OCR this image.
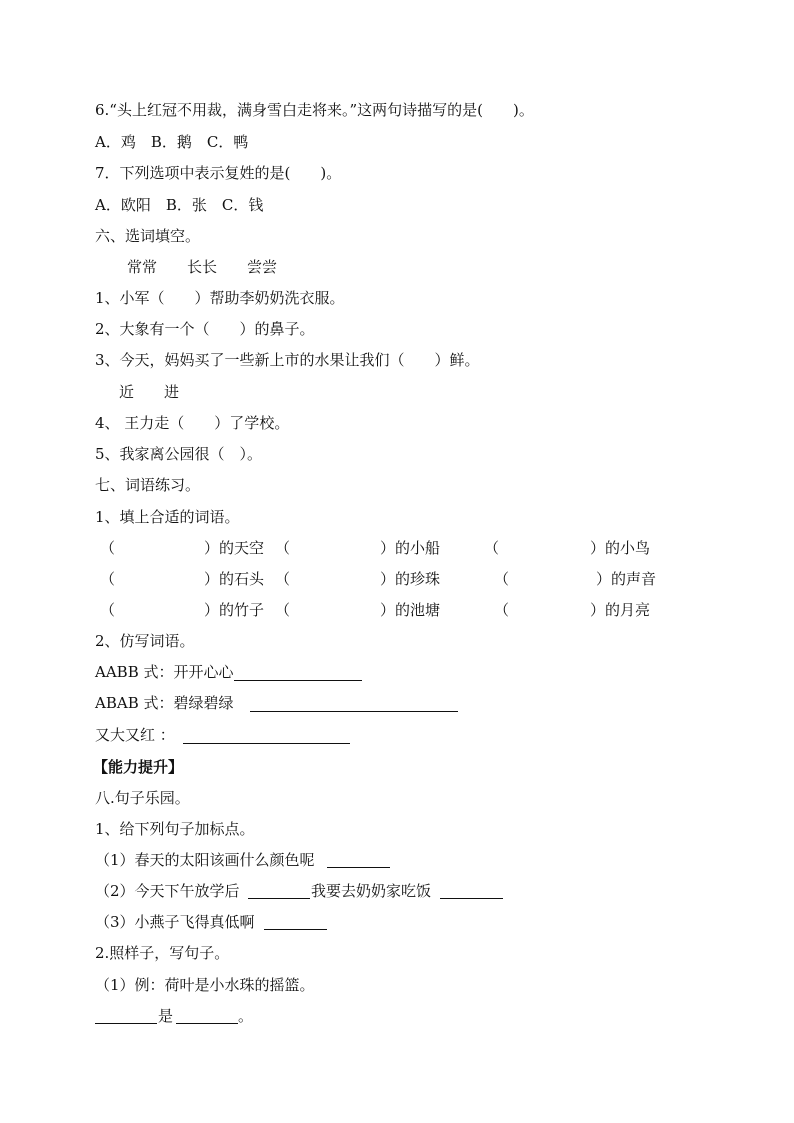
6.“头上红冠不用裁，满身雪白走将来。”这两句诗描写的是(　　)。
A．鸡　B．鹅　C．鸭
7．下列选项中表示复姓的是(　　)。
A．欧阳　B．张　C．钱
六、选词填空。
常常　　长长　　尝尝
1、小军（　　）帮助李奶奶洗衣服。
2、大象有一个（　　）的鼻子。
3、今天，妈妈买了一些新上市的水果让我们（　　）鲜。
近　　进
4、 王力走（　　）了学校。
5、我家离公园很（　）。
七、词语练习。
1、填上合适的词语。
（	）的天空 （	）的小船	（	）的小鸟
（	）的石头 （	）的珍珠	（	）的声音
（	）的竹子 （	）的池塘	（	）的月亮
2、仿写词语。
AABB 式：开开心心
ABAB 式：碧绿碧绿
又大又红 ：
【能力提升】
八.句子乐园。
1、给下列句子加标点。
（1）春天的太阳该画什么颜色呢
（2）今天下午放学后	我要去奶奶家吃饭
（3）小燕子飞得真低啊
2.照样子，写句子。
（1）例：荷叶是小水珠的摇篮。
是	。
